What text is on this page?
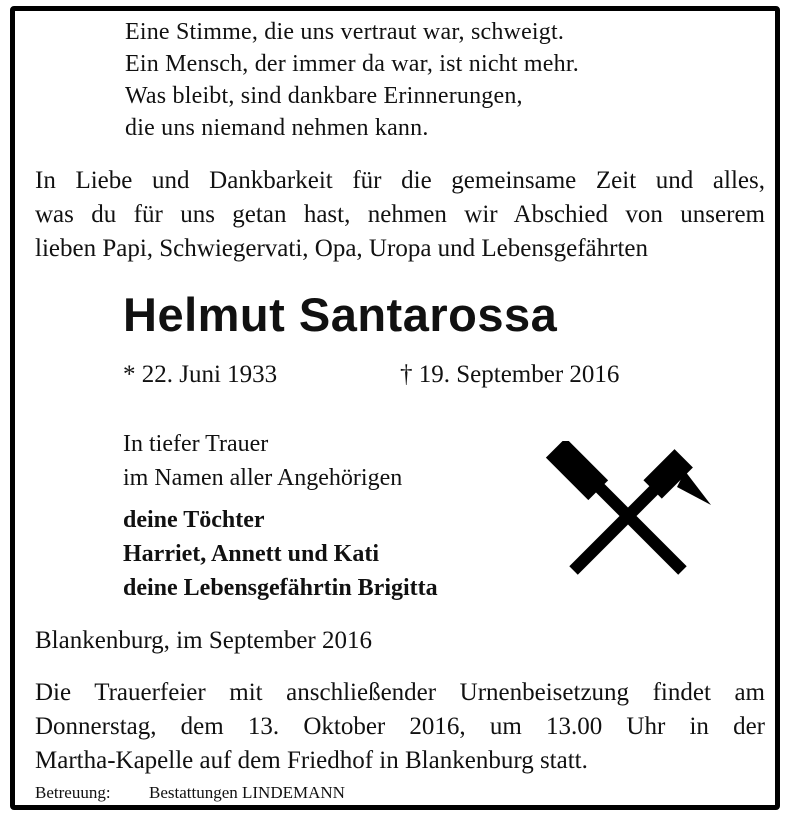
Eine Stimme, die uns vertraut war, schweigt.
Ein Mensch, der immer da war, ist nicht mehr.
Was bleibt, sind dankbare Erinnerungen,
die uns niemand nehmen kann.
In Liebe und Dankbarkeit für die gemeinsame Zeit und alles,
was du für uns getan hast, nehmen wir Abschied von unserem
lieben Papi, Schwiegervati, Opa, Uropa und Lebensgefährten
Helmut Santarossa
* 22. Juni 1933	† 19. September 2016
In tiefer Trauer
im Namen aller Angehörigen
deine Töchter
Harriet, Annett und Kati
deine Lebensgefährtin Brigitta
Blankenburg, im September 2016
Die Trauerfeier mit anschließender Urnenbeisetzung findet am
Donnerstag, dem 13. Oktober 2016, um 13.00 Uhr in der
Martha-Kapelle auf dem Friedhof in Blankenburg statt.
Betreuung: Bestattungen LINDEMANN
